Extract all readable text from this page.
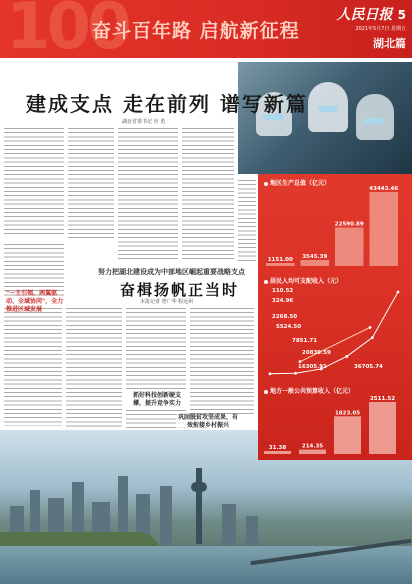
100
奋斗百年路 启航新征程
人民日报 5
2021年5月7日 星期五
湖北篇
建成支点 走在前列 谱写新篇
湖北省委书记 应 勇
努力把湖北建设成为中部地区崛起重要战略支点
奋楫扬帆正当时
本报记者 曾广华 程远州
"一主引领、两翼驱动、全域协同"，全力推进区域发展
抓好科技创新硬支撑，提升竞争实力
巩固脱贫攻坚成果，有效衔接乡村振兴
地区生产总值（亿元）
1151.00
3545.39
22590.89
43443.46
居民人均可支配收入（元）
110.52
324.96
2268.50
5524.50
7851.71
20839.59
16305.91	36705.74
地方一般公共预算收入（亿元）
31.38	214.35
1823.05
2511.52
